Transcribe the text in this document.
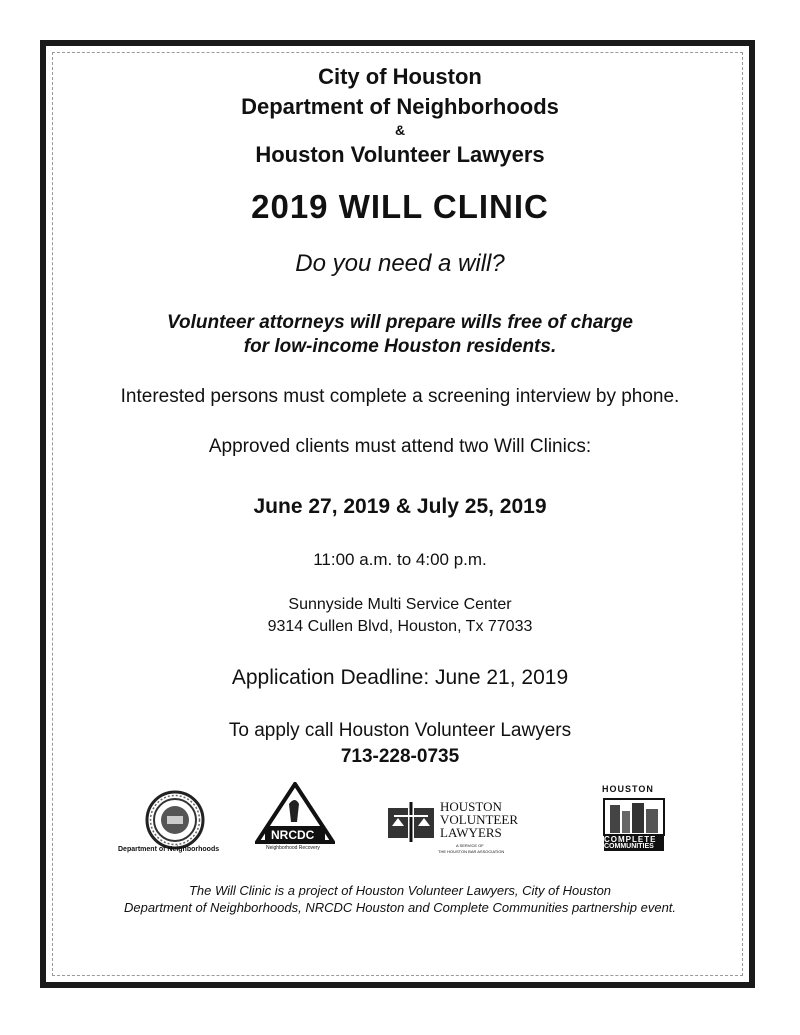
City of Houston
Department of Neighborhoods
&
Houston Volunteer Lawyers
2019 WILL CLINIC
Do you need a will?
Volunteer attorneys will prepare wills free of charge
for low-income Houston residents.
Interested persons must complete a screening interview by phone.
Approved clients must attend two Will Clinics:
June 27, 2019 & July 25, 2019
11:00 a.m. to 4:00 p.m.
Sunnyside Multi Service Center
9314 Cullen Blvd, Houston, Tx 77033
Application Deadline: June 21, 2019
To apply call Houston Volunteer Lawyers
713-228-0735
Department of Neighborhoods
NRCDC
Neighborhood Recovery
HOUSTON
VOLUNTEER
LAWYERS
A SERVICE OF
THE HOUSTON BAR ASSOCIATION
HOUSTON
COMPLETE
COMMUNITIES
The Will Clinic is a project of Houston Volunteer Lawyers, City of Houston
Department of Neighborhoods, NRCDC Houston and Complete Communities partnership event.
